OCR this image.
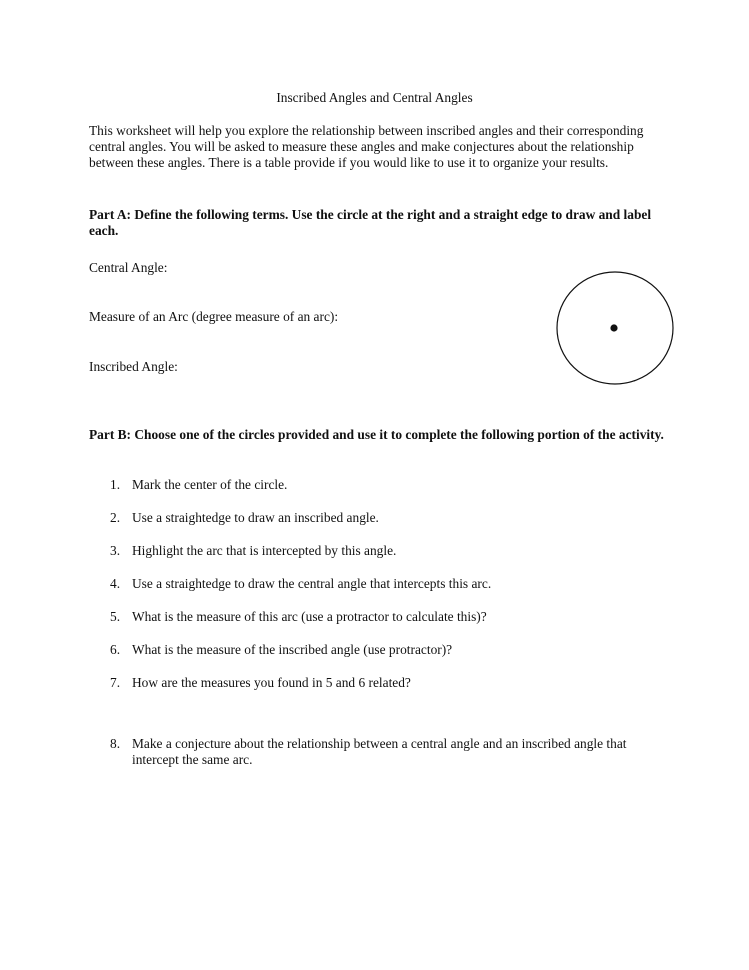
Inscribed Angles and Central Angles

This worksheet will help you explore the relationship between inscribed angles and their corresponding central angles. You will be asked to measure these angles and make conjectures about the relationship between these angles. There is a table provide if you would like to use it to organize your results.

Part A: Define the following terms. Use the circle at the right and a straight edge to draw and label each.

Central Angle:

Measure of an Arc (degree measure of an arc):

Inscribed Angle:

Part B: Choose one of the circles provided and use it to complete the following portion of the activity.

1. Mark the center of the circle.
2. Use a straightedge to draw an inscribed angle.
3. Highlight the arc that is intercepted by this angle.
4. Use a straightedge to draw the central angle that intercepts this arc.
5. What is the measure of this arc (use a protractor to calculate this)?
6. What is the measure of the inscribed angle (use protractor)?
7. How are the measures you found in 5 and 6 related?
8. Make a conjecture about the relationship between a central angle and an inscribed angle that intercept the same arc.
